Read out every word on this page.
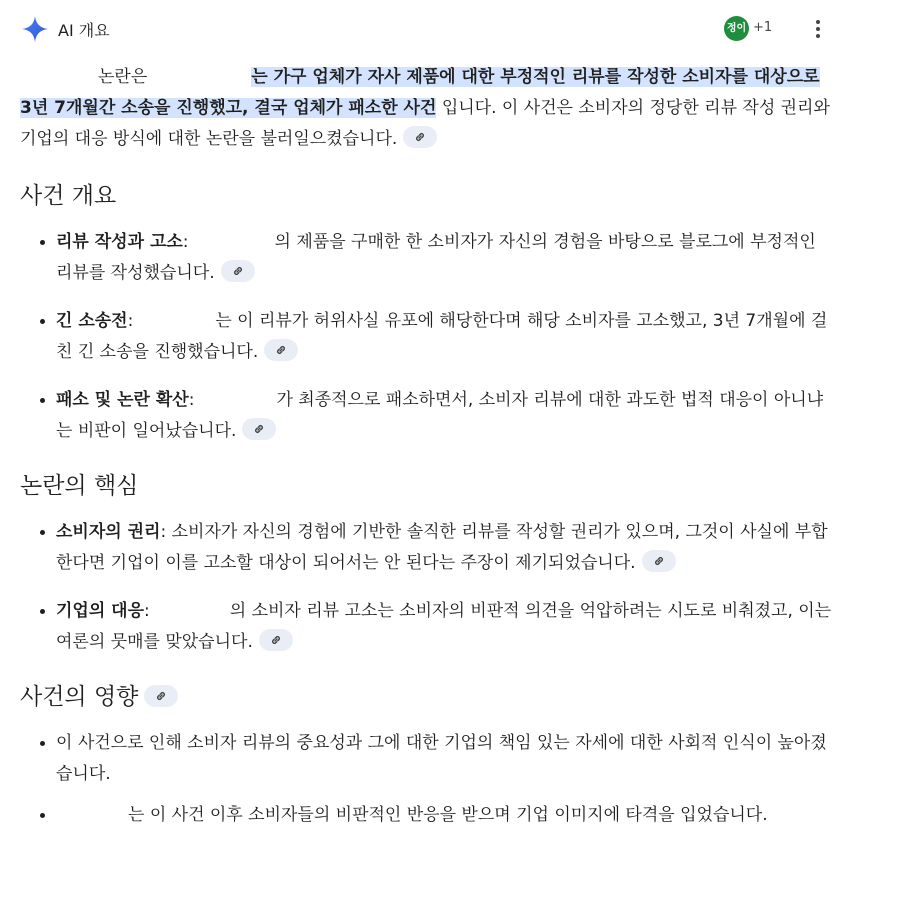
AI 개요	정이 +1

논란은	는 가구 업체가 자사 제품에 대한 부정적인 리뷰를 작성한 소비자를 대상으로 3년 7개월간 소송을 진행했고, 결국 업체가 패소한 사건 입니다. 이 사건은 소비자의 정당한 리뷰 작성 권리와 기업의 대응 방식에 대한 논란을 불러일으켰습니다.

사건 개요
• 리뷰 작성과 고소:	의 제품을 구매한 한 소비자가 자신의 경험을 바탕으로 블로그에 부정적인 리뷰를 작성했습니다.
• 긴 소송전:	는 이 리뷰가 허위사실 유포에 해당한다며 해당 소비자를 고소했고, 3년 7개월에 걸친 긴 소송을 진행했습니다.
• 패소 및 논란 확산:	가 최종적으로 패소하면서, 소비자 리뷰에 대한 과도한 법적 대응이 아니냐는 비판이 일어났습니다.
논란의 핵심
• 소비자의 권리: 소비자가 자신의 경험에 기반한 솔직한 리뷰를 작성할 권리가 있으며, 그것이 사실에 부합한다면 기업이 이를 고소할 대상이 되어서는 안 된다는 주장이 제기되었습니다.
• 기업의 대응:	의 소비자 리뷰 고소는 소비자의 비판적 의견을 억압하려는 시도로 비춰졌고, 이는 여론의 뭇매를 맞았습니다.
사건의 영향
• 이 사건으로 인해 소비자 리뷰의 중요성과 그에 대한 기업의 책임 있는 자세에 대한 사회적 인식이 높아졌습니다.
• 는 이 사건 이후 소비자들의 비판적인 반응을 받으며 기업 이미지에 타격을 입었습니다.
